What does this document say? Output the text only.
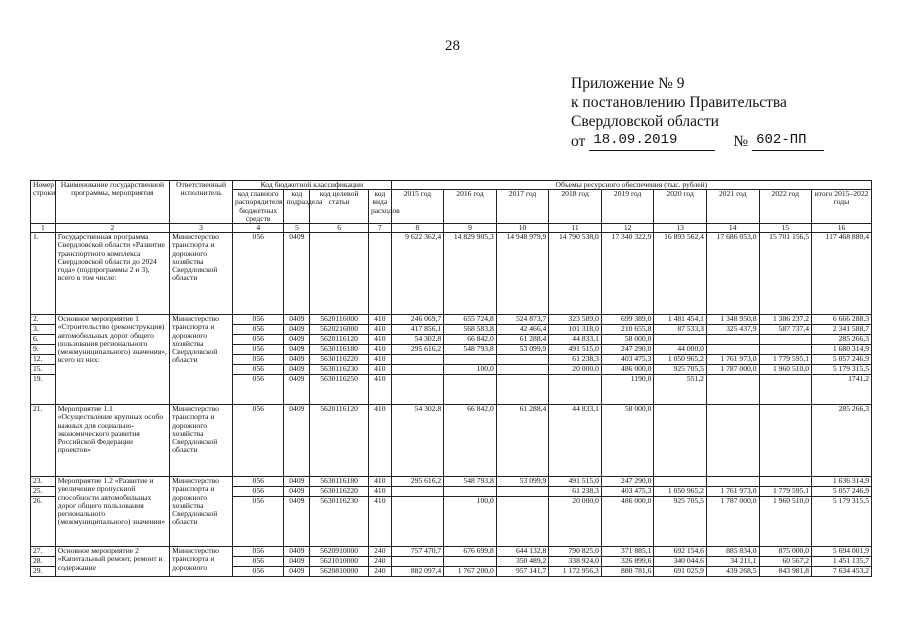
28
Приложение № 9
к постановлению Правительства
Свердловской области
от 18.09.2019	№ 602-ПП
Номер строки	Наименование государственной программы, мероприятия	Ответственный исполнитель	Код бюджетной классификации				Объемы ресурсного обеспечения (тыс. рублей)								
			код главного распорядителя бюджетных средств	код подраздела	код целевой статьи	код вида расходов	2015 год	2016 год	2017 год	2018 год	2019 год	2020 год	2021 год	2022 год	итого 2015–2022 годы
1	2	3	4	5	6	7	8	9	10	11	12	13	14	15	16
1.	Государственная программа Свердловской области «Развитие транспортного комплекса Свердловской области до 2024 года» (подпрограммы 2 и 3), всего в том числе:	Министерство транспорта и дорожного хозяйства Свердловской области	056	0409			9 622 362,4	14 829 905,3	14 948 979,9	14 790 538,0	17 340 322,9	16 893 562,4	17 686 053,0	15 701 156,5	117 468 880,4
2.	Основное мероприятие 1 «Строительство (реконструкция) автомобильных дорог общего пользования регионального (межмуниципального) значения», всего из них:	Министерство транспорта и дорожного хозяйства Свердловской области	056	0409	5620116000	410	246 069,7	655 724,8	524 873,7	323 589,0	699 389,0	1 481 454,1	1 348 950,8	1 386 237,2	6 666 288,3
3.			056	0409	5620216000	410	417 856,1	568 583,8	42 466,4	101 318,0	210 655,8	87 533,3	325 437,9	587 737,4	2 341 588,7
6.			056	0409	5620116120	410	54 302,8	66 842,0	61 288,4	44 833,1	58 000,0				285 266,3
9.			056	0409	5630116180	410	295 616,2	548 793,8	53 099,9	491 515,0	247 290,0	44 000,0			1 680 314,9
12.			056	0409	5630116220	410				61 238,3	403 475,3	1 050 965,2	1 761 973,0	1 779 595,1	5 057 246,9
15.			056	0409	5630116230	410		100,0		20 000,0	486 000,0	925 705,5	1 787 000,0	1 960 510,0	5 179 315,5
19.			056	0409	5630116250	410					1190,0	551,2			1741,2
21.	Мероприятие 1.1 «Осуществление крупных особо важных для социально-экономического развития Российской Федерации проектов»	Министерство транспорта и дорожного хозяйства Свердловской области	056	0409	5620116120	410	54 302,8	66 842,0	61 288,4	44 833,1	58 000,0				285 266,3
23.	Мероприятие 1.2 «Развитие и увеличение пропускной способности автомобильных дорог общего пользования регионального (межмуниципального) значения»	Министерство транспорта и дорожного хозяйства Свердловской области	056	0409	5630116180	410	295 616,2	548 793,8	53 099,9	491 515,0	247 290,0				1 636 314,9
25.			056	0409	5630116220	410				61 238,3	403 475,3	1 050 965,2	1 761 973,0	1 779 595,1	5 057 246,9
26.			056	0409	5630116230	410		100,0		20 000,0	486 000,0	925 705,5	1 787 000,0	1 960 510,0	5 179 315,5
27.	Основное мероприятие 2 «Капитальный ремонт, ремонт и содержание	Министерство транспорта и дорожного	056	0409	5620910000	240	757 470,7	676 699,8	644 132,8	790 825,0	371 885,1	692 154,6	885 834,0	875 000,0	5 694 001,9
28.			056	0409	5621010000	240			350 489,2	338 924,0	326 899,6	340 044,6	34 211,1	60 567,2	1 451 135,7
29.			056	0409	5620810000	240	882 097,4	1 767 200,0	957 141,7	1 172 956,3	880 781,6	691 025,9	439 268,5	843 981,8	7 634 453,2
